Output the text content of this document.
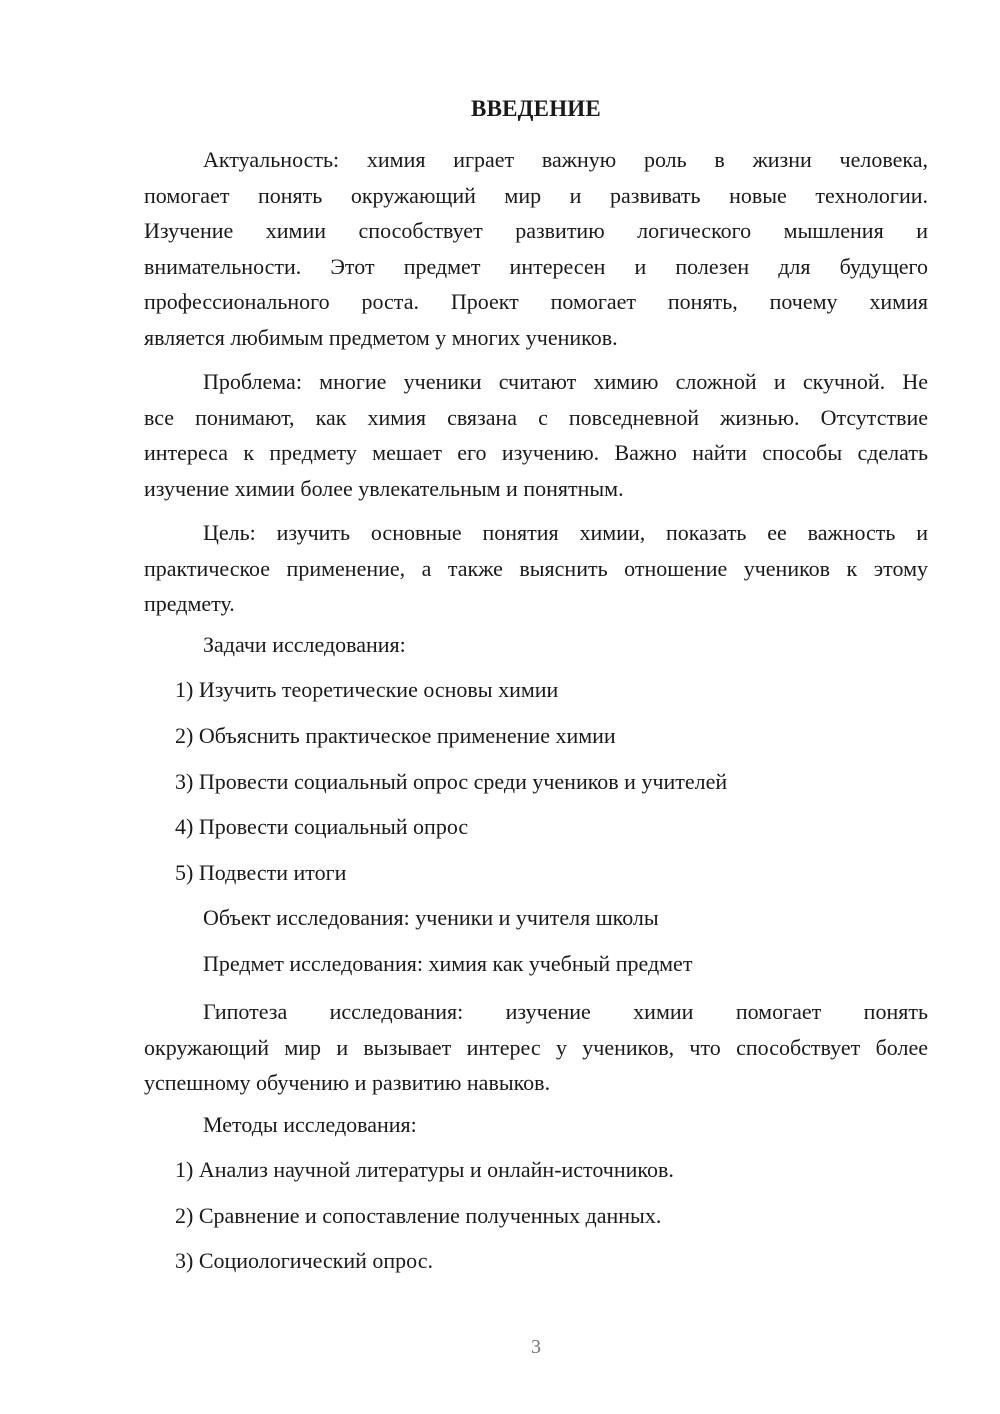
ВВЕДЕНИЕ
Актуальность: химия играет важную роль в жизни человека,
помогает понять окружающий мир и развивать новые технологии.
Изучение химии способствует развитию логического мышления и
внимательности. Этот предмет интересен и полезен для будущего
профессионального роста. Проект помогает понять, почему химия
является любимым предметом у многих учеников.
Проблема: многие ученики считают химию сложной и скучной. Не
все понимают, как химия связана с повседневной жизнью. Отсутствие
интереса к предмету мешает его изучению. Важно найти способы сделать
изучение химии более увлекательным и понятным.
Цель: изучить основные понятия химии, показать ее важность и
практическое применение, а также выяснить отношение учеников к этому
предмету.
Задачи исследования:
1) Изучить теоретические основы химии
2) Объяснить практическое применение химии
3) Провести социальный опрос среди учеников и учителей
4) Провести социальный опрос
5) Подвести итоги
Объект исследования: ученики и учителя школы
Предмет исследования: химия как учебный предмет
Гипотеза исследования: изучение химии помогает понять
окружающий мир и вызывает интерес у учеников, что способствует более
успешному обучению и развитию навыков.
Методы исследования:
1) Анализ научной литературы и онлайн-источников.
2) Сравнение и сопоставление полученных данных.
3) Социологический опрос.
3
